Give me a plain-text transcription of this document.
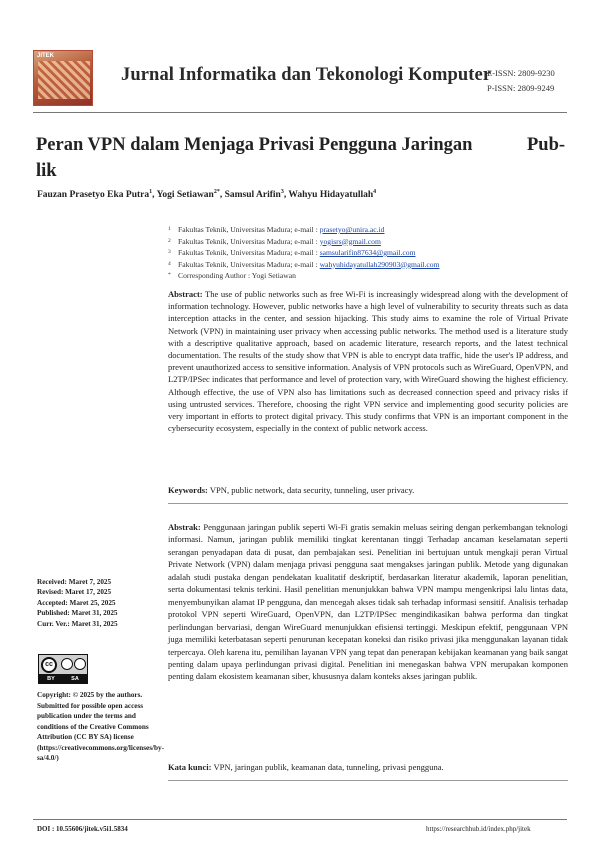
JITEK
Jurnal Informatika dan Tekonologi Komputer
E-ISSN: 2809-9230
P-ISSN: 2809-9249
Peran VPN dalam Menjaga Privasi Pengguna Jaringan	Pub-
lik
Fauzan Prasetyo Eka Putra$^1$, Yogi Setiawan$^{2*}$, Samsul Arifin$^3$, Wahyu Hidayatullah$^4$
1 Fakultas Teknik, Universitas Madura; e-mail : prasetyo@unira.ac.id
2 Fakultas Teknik, Universitas Madura; e-mail : yogisrs@gmail.com
3 Fakultas Teknik, Universitas Madura; e-mail : samsularifin87634@gmail.com
4 Fakultas Teknik, Universitas Madura; e-mail : wahyuhidayatullah290903@gmail.com
* Corresponding Author : Yogi Setiawan
Abstract: The use of public networks such as free Wi-Fi is increasingly widespread along with the development of information technology. However, public networks have a high level of vulnerability to security threats such as data interception attacks in the center, and session hijacking. This study aims to examine the role of Virtual Private Network (VPN) in maintaining user privacy when accessing public networks. The method used is a literature study with a descriptive qualitative approach, based on academic literature, research reports, and the latest technical documentation. The results of the study show that VPN is able to encrypt data traffic, hide the user's IP address, and prevent unauthorized access to sensitive information. Analysis of VPN protocols such as WireGuard, OpenVPN, and L2TP/IPSec indicates that performance and level of protection vary, with WireGuard showing the highest efficiency. Although effective, the use of VPN also has limitations such as decreased connection speed and privacy risks if using untrusted services. Therefore, choosing the right VPN service and implementing good security policies are very important in efforts to protect digital privacy. This study confirms that VPN is an important component in the cybersecurity ecosystem, especially in the context of public network access.
Keywords: VPN, public network, data security, tunneling, user privacy.
Abstrak: Penggunaan jaringan publik seperti Wi-Fi gratis semakin meluas seiring dengan perkembangan teknologi informasi. Namun, jaringan publik memiliki tingkat kerentanan tinggi Terhadap ancaman keselamatan seperti serangan penyadapan data di pusat, dan pembajakan sesi. Penelitian ini bertujuan untuk mengkaji peran Virtual Private Network (VPN) dalam menjaga privasi pengguna saat mengakses jaringan publik. Metode yang digunakan adalah studi pustaka dengan pendekatan kualitatif deskriptif, berdasarkan literatur akademik, laporan penelitian, serta dokumentasi teknis terkini. Hasil penelitian menunjukkan bahwa VPN mampu mengenkripsi lalu lintas data, menyembunyikan alamat IP pengguna, dan mencegah akses tidak sah terhadap informasi sensitif. Analisis terhadap protokol VPN seperti WireGuard, OpenVPN, dan L2TP/IPSec mengindikasikan bahwa performa dan tingkat perlindungan bervariasi, dengan WireGuard menunjukkan efisiensi tertinggi. Meskipun efektif, penggunaan VPN juga memiliki keterbatasan seperti penurunan kecepatan koneksi dan risiko privasi jika menggunakan layanan tidak terpercaya. Oleh karena itu, pemilihan layanan VPN yang tepat dan penerapan kebijakan keamanan yang baik sangat penting dalam upaya perlindungan privasi digital. Penelitian ini menegaskan bahwa VPN merupakan komponen penting dalam ekosistem keamanan siber, khususnya dalam konteks akses jaringan publik.
Kata kunci: VPN, jaringan publik, keamanan data, tunneling, privasi pengguna.
Received: Maret 7, 2025
Revised: Maret 17, 2025
Accepted: Maret 25, 2025
Published: Maret 31, 2025
Curr. Ver.: Maret 31, 2025
cc
BY	SA
Copyright: © 2025 by the authors. Submitted for possible open access publication under the terms and conditions of the Creative Commons Attribution (CC BY SA) license (https://creativecommons.org/licenses/by-sa/4.0/)
DOI : 10.55606/jitek.v5i1.5834	https://researchhub.id/index.php/jitek
